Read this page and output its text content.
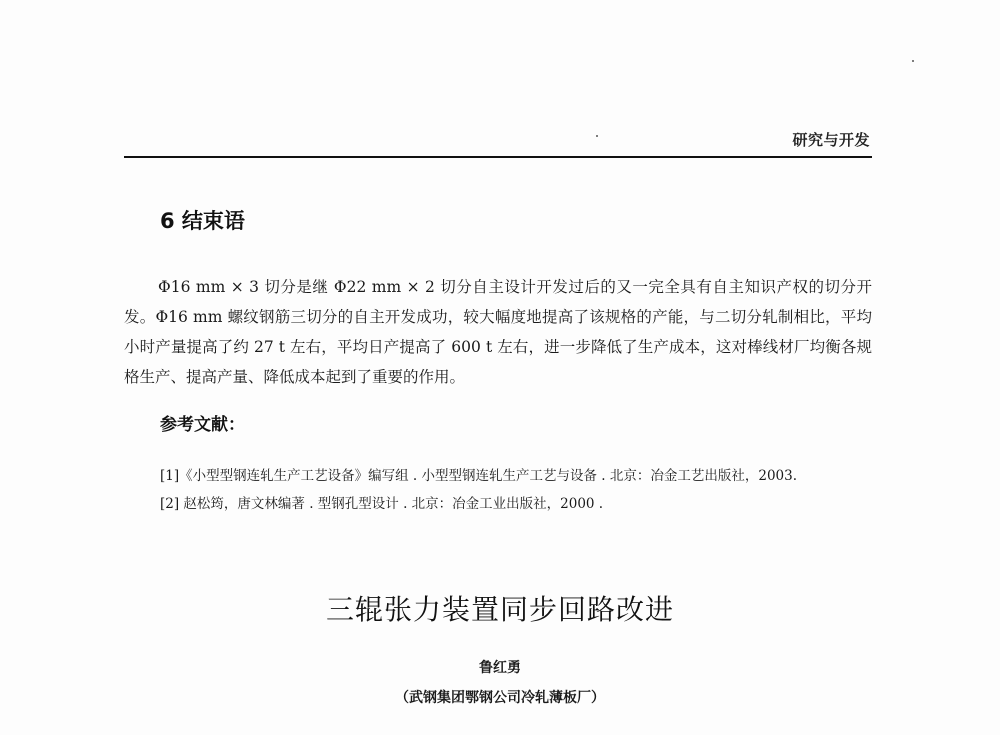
研究与开发
6 结束语

Φ16 mm × 3 切分是继 Φ22 mm × 2 切分自主设计开发过后的又一完全具有自主知识产权的切分开发。Φ16 mm 螺纹钢筋三切分的自主开发成功，较大幅度地提高了该规格的产能，与二切分轧制相比，平均小时产量提高了约 27 t 左右，平均日产提高了 600 t 左右，进一步降低了生产成本，这对棒线材厂均衡各规格生产、提高产量、降低成本起到了重要的作用。

参考文献：
[1]《小型型钢连轧生产工艺设备》编写组 . 小型型钢连轧生产工艺与设备 . 北京：冶金工艺出版社，2003.
[2] 赵松筠，唐文林编著 . 型钢孔型设计 . 北京：冶金工业出版社，2000 .
三辊张力装置同步回路改进
鲁红勇
（武钢集团鄂钢公司冷轧薄板厂）
